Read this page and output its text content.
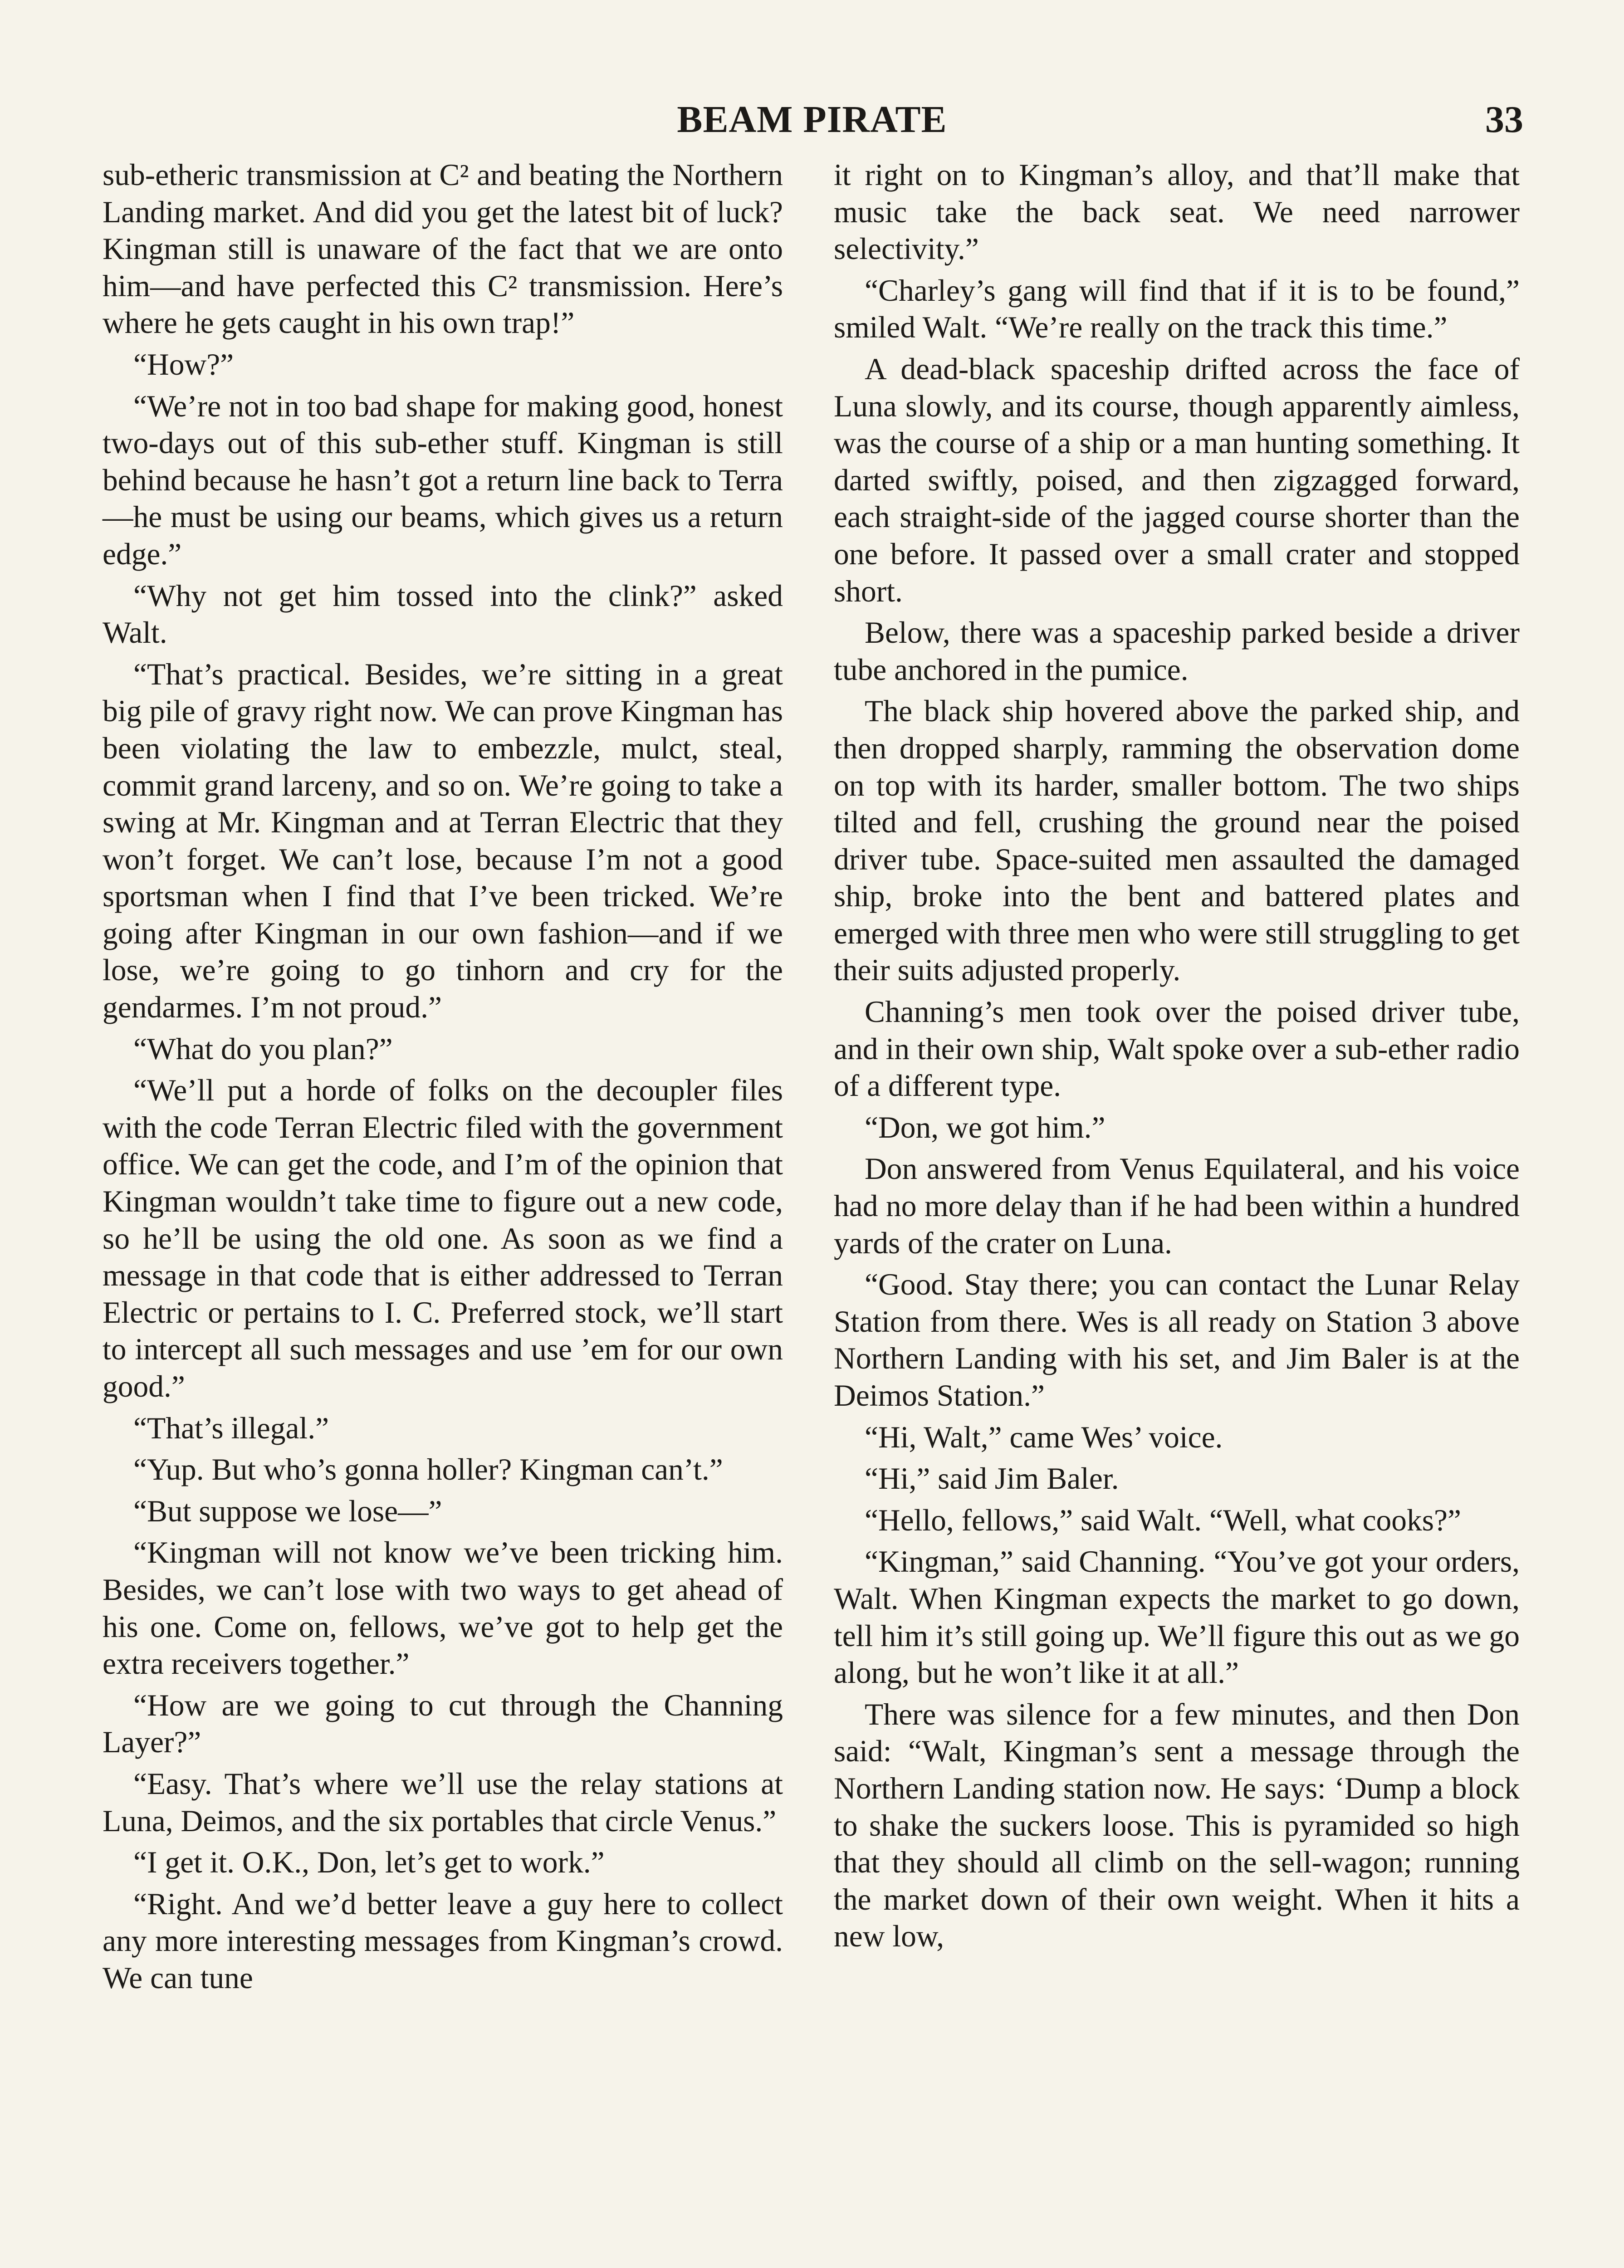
BEAM PIRATE	33

sub-etheric transmission at C² and beating the Northern Landing market. And did you get the latest bit of luck? Kingman still is unaware of the fact that we are onto him—and have perfected this C² transmission. Here’s where he gets caught in his own trap!”

“How?”

“We’re not in too bad shape for making good, honest two-days out of this sub-ether stuff. Kingman is still behind because he hasn’t got a return line back to Terra—he must be using our beams, which gives us a return edge.”

“Why not get him tossed into the clink?” asked Walt.

“That’s practical. Besides, we’re sitting in a great big pile of gravy right now. We can prove Kingman has been violating the law to embezzle, mulct, steal, commit grand larceny, and so on. We’re going to take a swing at Mr. Kingman and at Terran Electric that they won’t forget. We can’t lose, because I’m not a good sportsman when I find that I’ve been tricked. We’re going after Kingman in our own fashion—and if we lose, we’re going to go tinhorn and cry for the gendarmes. I’m not proud.”

“What do you plan?”

“We’ll put a horde of folks on the decoupler files with the code Terran Electric filed with the government office. We can get the code, and I’m of the opinion that Kingman wouldn’t take time to figure out a new code, so he’ll be using the old one. As soon as we find a message in that code that is either addressed to Terran Electric or pertains to I. C. Preferred stock, we’ll start to intercept all such messages and use ’em for our own good.”

“That’s illegal.”

“Yup. But who’s gonna holler? Kingman can’t.”

“But suppose we lose—”

“Kingman will not know we’ve been tricking him. Besides, we can’t lose with two ways to get ahead of his one. Come on, fellows, we’ve got to help get the extra receivers together.”

“How are we going to cut through the Channing Layer?”

“Easy. That’s where we’ll use the relay stations at Luna, Deimos, and the six portables that circle Venus.”

“I get it. O.K., Don, let’s get to work.”

“Right. And we’d better leave a guy here to collect any more interesting messages from Kingman’s crowd. We can tune

it right on to Kingman’s alloy, and that’ll make that music take the back seat. We need narrower selectivity.”

“Charley’s gang will find that if it is to be found,” smiled Walt. “We’re really on the track this time.”

A dead-black spaceship drifted across the face of Luna slowly, and its course, though apparently aimless, was the course of a ship or a man hunting something. It darted swiftly, poised, and then zigzagged forward, each straight-side of the jagged course shorter than the one before. It passed over a small crater and stopped short.

Below, there was a spaceship parked beside a driver tube anchored in the pumice.

The black ship hovered above the parked ship, and then dropped sharply, ramming the observation dome on top with its harder, smaller bottom. The two ships tilted and fell, crushing the ground near the poised driver tube. Space-suited men assaulted the damaged ship, broke into the bent and battered plates and emerged with three men who were still struggling to get their suits adjusted properly.

Channing’s men took over the poised driver tube, and in their own ship, Walt spoke over a sub-ether radio of a different type.

“Don, we got him.”

Don answered from Venus Equilateral, and his voice had no more delay than if he had been within a hundred yards of the crater on Luna.

“Good. Stay there; you can contact the Lunar Relay Station from there. Wes is all ready on Station 3 above Northern Landing with his set, and Jim Baler is at the Deimos Station.”

“Hi, Walt,” came Wes’ voice.

“Hi,” said Jim Baler.

“Hello, fellows,” said Walt. “Well, what cooks?”

“Kingman,” said Channing. “You’ve got your orders, Walt. When Kingman expects the market to go down, tell him it’s still going up. We’ll figure this out as we go along, but he won’t like it at all.”

There was silence for a few minutes, and then Don said: “Walt, Kingman’s sent a message through the Northern Landing station now. He says: ‘Dump a block to shake the suckers loose. This is pyramided so high that they should all climb on the sell-wagon; running the market down of their own weight. When it hits a new low,
